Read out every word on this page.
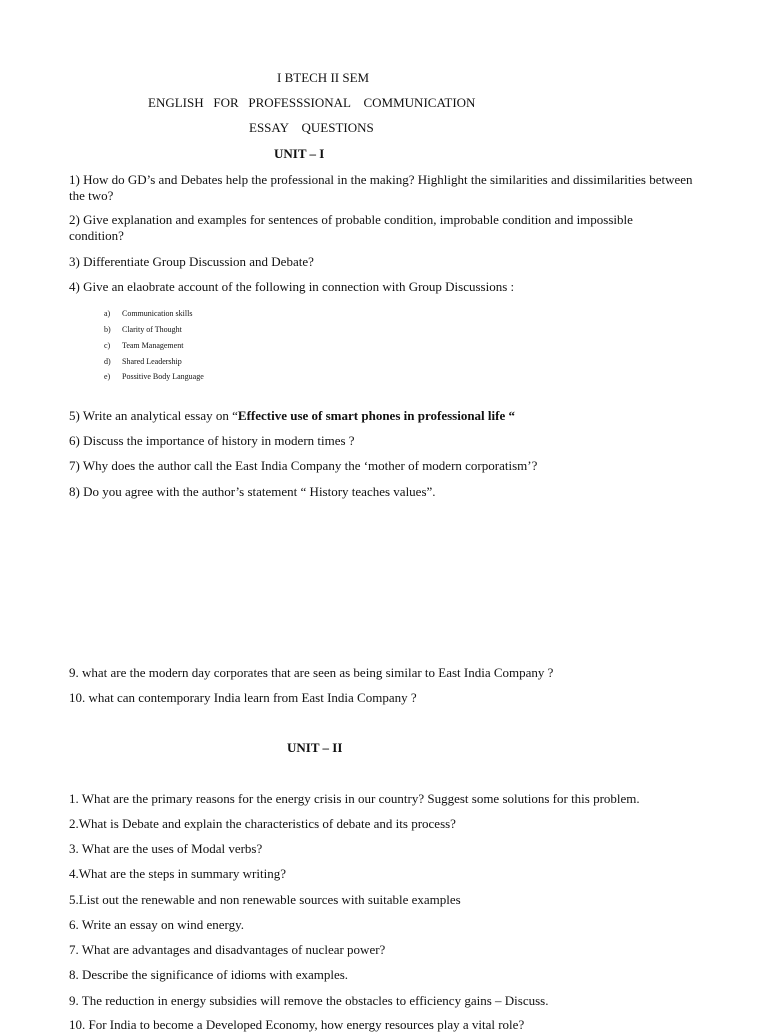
I BTECH II SEM
ENGLISH   FOR   PROFESSSIONAL    COMMUNICATION
ESSAY    QUESTIONS
UNIT – I
1) How do GD’s and Debates help the professional in the making? Highlight the similarities and dissimilarities between the two?
2) Give explanation and examples for sentences of probable condition, improbable condition and impossible condition?
3) Differentiate Group Discussion and Debate?
4) Give an elaobrate account of the following in connection with Group Discussions :
a) Communication skills
b) Clarity of Thought
c) Team Management
d) Shared Leadership
e) Possitive Body Language
5) Write an analytical essay on “Effective use of smart phones in professional life “
6) Discuss the importance of history in modern times ?
7) Why does the author call the East India Company the ‘mother of modern corporatism’?
8) Do you agree with the author’s statement “ History teaches values”.
9. what are the modern day corporates that are seen as being similar to East India Company ?
10. what can contemporary India learn from East India Company ?
UNIT – II
1. What are the primary reasons for the energy crisis in our country? Suggest some solutions for this problem.
2.What is Debate and explain the characteristics of debate and its process?
3. What are the uses of Modal verbs?
4.What are the steps in summary writing?
5.List out the renewable and non renewable sources with suitable examples
6. Write an essay on wind energy.
7. What are advantages and disadvantages of nuclear power?
8. Describe the significance of idioms with examples.
9. The reduction in energy subsidies will remove the obstacles to efficiency gains – Discuss.
10. For India to become a Developed Economy, how energy resources play a vital role?
